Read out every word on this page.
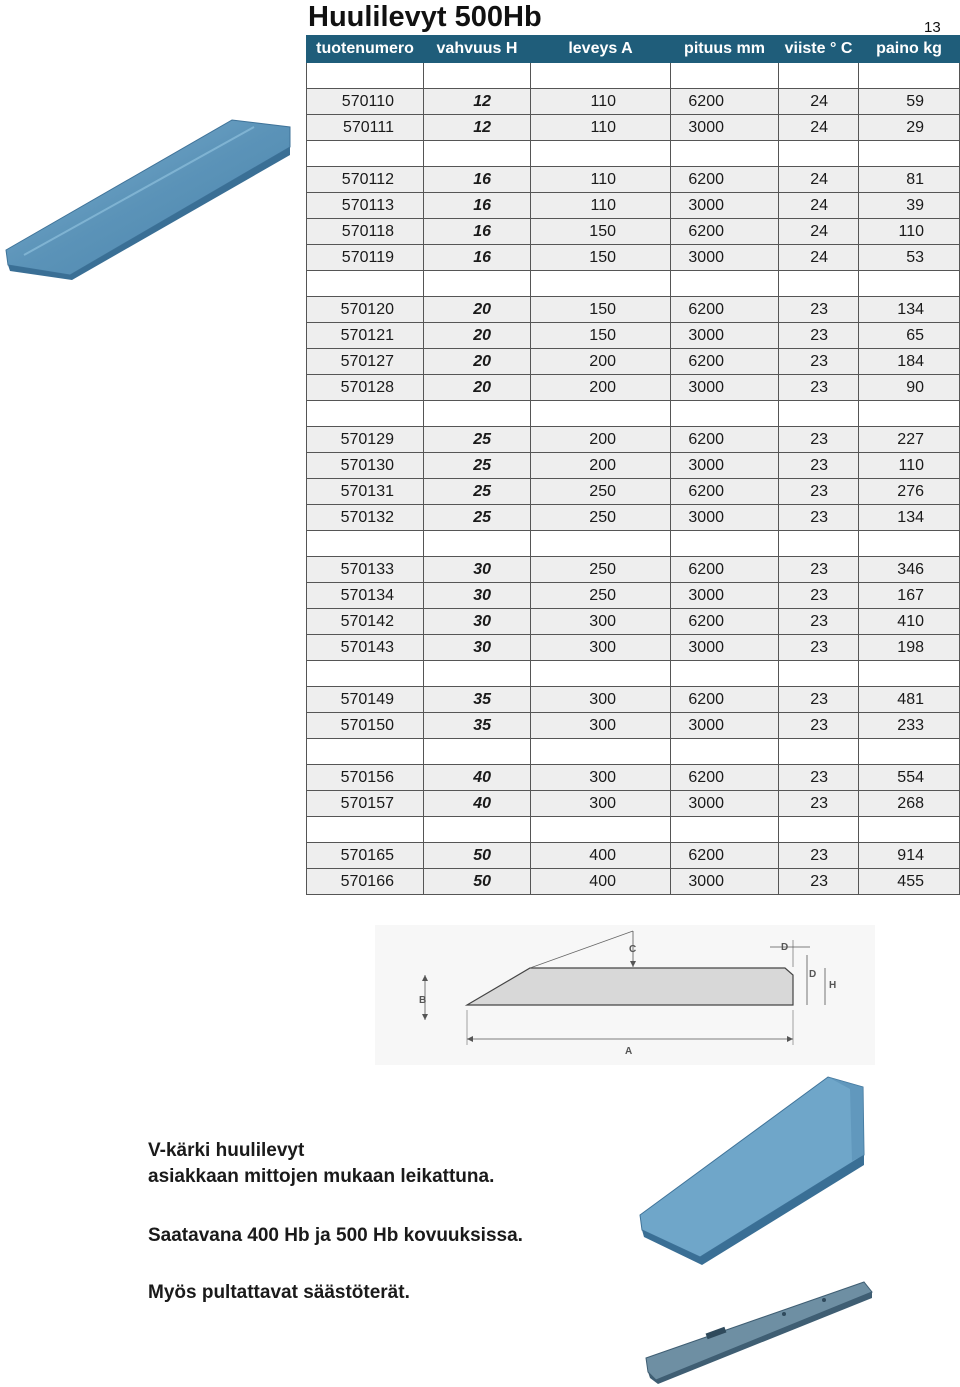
Huulilevyt 500Hb	13
tuotenumero	vahvuus H	leveys A	pituus mm	viiste ° C	paino kg

570110	12	110	6200	24	59
570111	12	110	3000	24	29

570112	16	110	6200	24	81
570113	16	110	3000	24	39
570118	16	150	6200	24	110
570119	16	150	3000	24	53

570120	20	150	6200	23	134
570121	20	150	3000	23	65
570127	20	200	6200	23	184
570128	20	200	3000	23	90

570129	25	200	6200	23	227
570130	25	200	3000	23	110
570131	25	250	6200	23	276
570132	25	250	3000	23	134

570133	30	250	6200	23	346
570134	30	250	3000	23	167
570142	30	300	6200	23	410
570143	30	300	3000	23	198

570149	35	300	6200	23	481
570150	35	300	3000	23	233

570156	40	300	6200	23	554
570157	40	300	3000	23	268

570165	50	400	6200	23	914
570166	50	400	3000	23	455
C	D
D
H
B
A
V-kärki huulilevyt
asiakkaan mittojen mukaan leikattuna.
Saatavana 400 Hb ja 500 Hb kovuuksissa.
Myös pultattavat säästöterät.
